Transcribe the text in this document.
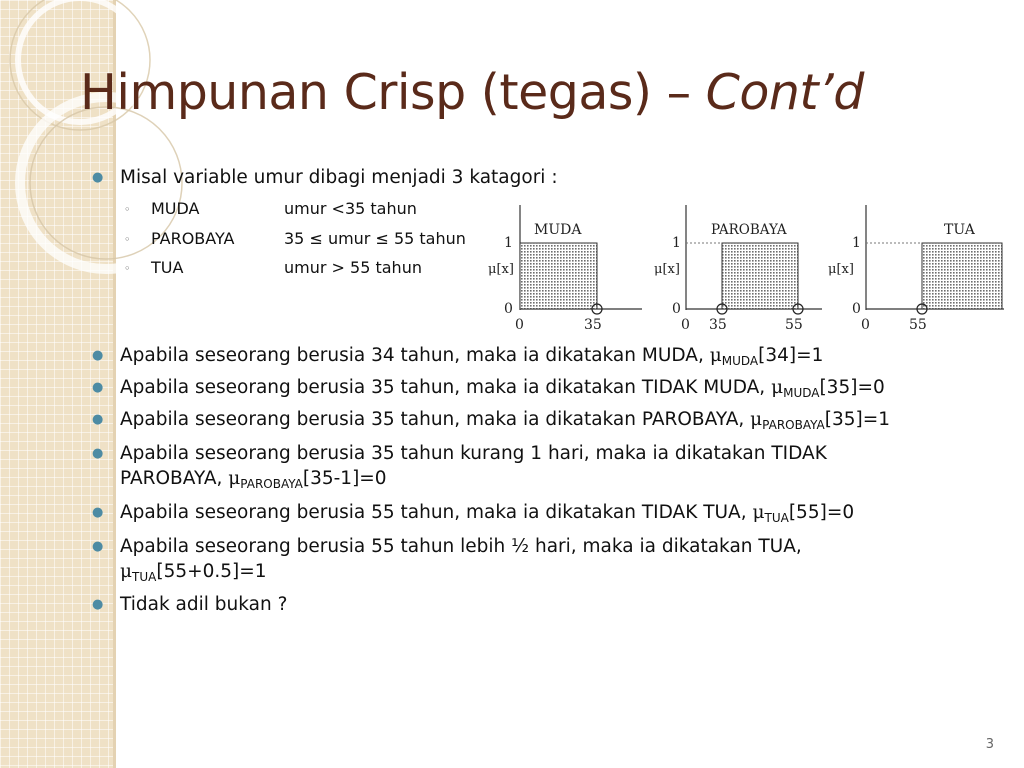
Himpunan Crisp (tegas) – Cont’d
● Misal variable umur dibagi menjadi 3 katagori :
◦ MUDA	umur <35 tahun
◦ PAROBAYA	35 ≤ umur ≤ 55 tahun
◦ TUA	umur > 55 tahun
MUDA
μ[x]
1
0
0	35
PAROBAYA
μ[x]
1
0
0 35	55
TUA
μ[x]
1
0
0	55
● Apabila seseorang berusia 34 tahun, maka ia dikatakan MUDA, $\mu_{MUDA}[34]=1$
● Apabila seseorang berusia 35 tahun, maka ia dikatakan TIDAK MUDA, $\mu_{MUDA}[35]=0$
● Apabila seseorang berusia 35 tahun, maka ia dikatakan PAROBAYA, $\mu_{PAROBAYA}[35]=1$
● Apabila seseorang berusia 35 tahun kurang 1 hari, maka ia dikatakan TIDAK
PAROBAYA, $\mu_{PAROBAYA}[35-1]=0$
● Apabila seseorang berusia 55 tahun, maka ia dikatakan TIDAK TUA, $\mu_{TUA}[55]=0$
● Apabila seseorang berusia 55 tahun lebih ½ hari, maka ia dikatakan TUA,
$\mu_{TUA}[55+0.5]=1$
● Tidak adil bukan ?
3
